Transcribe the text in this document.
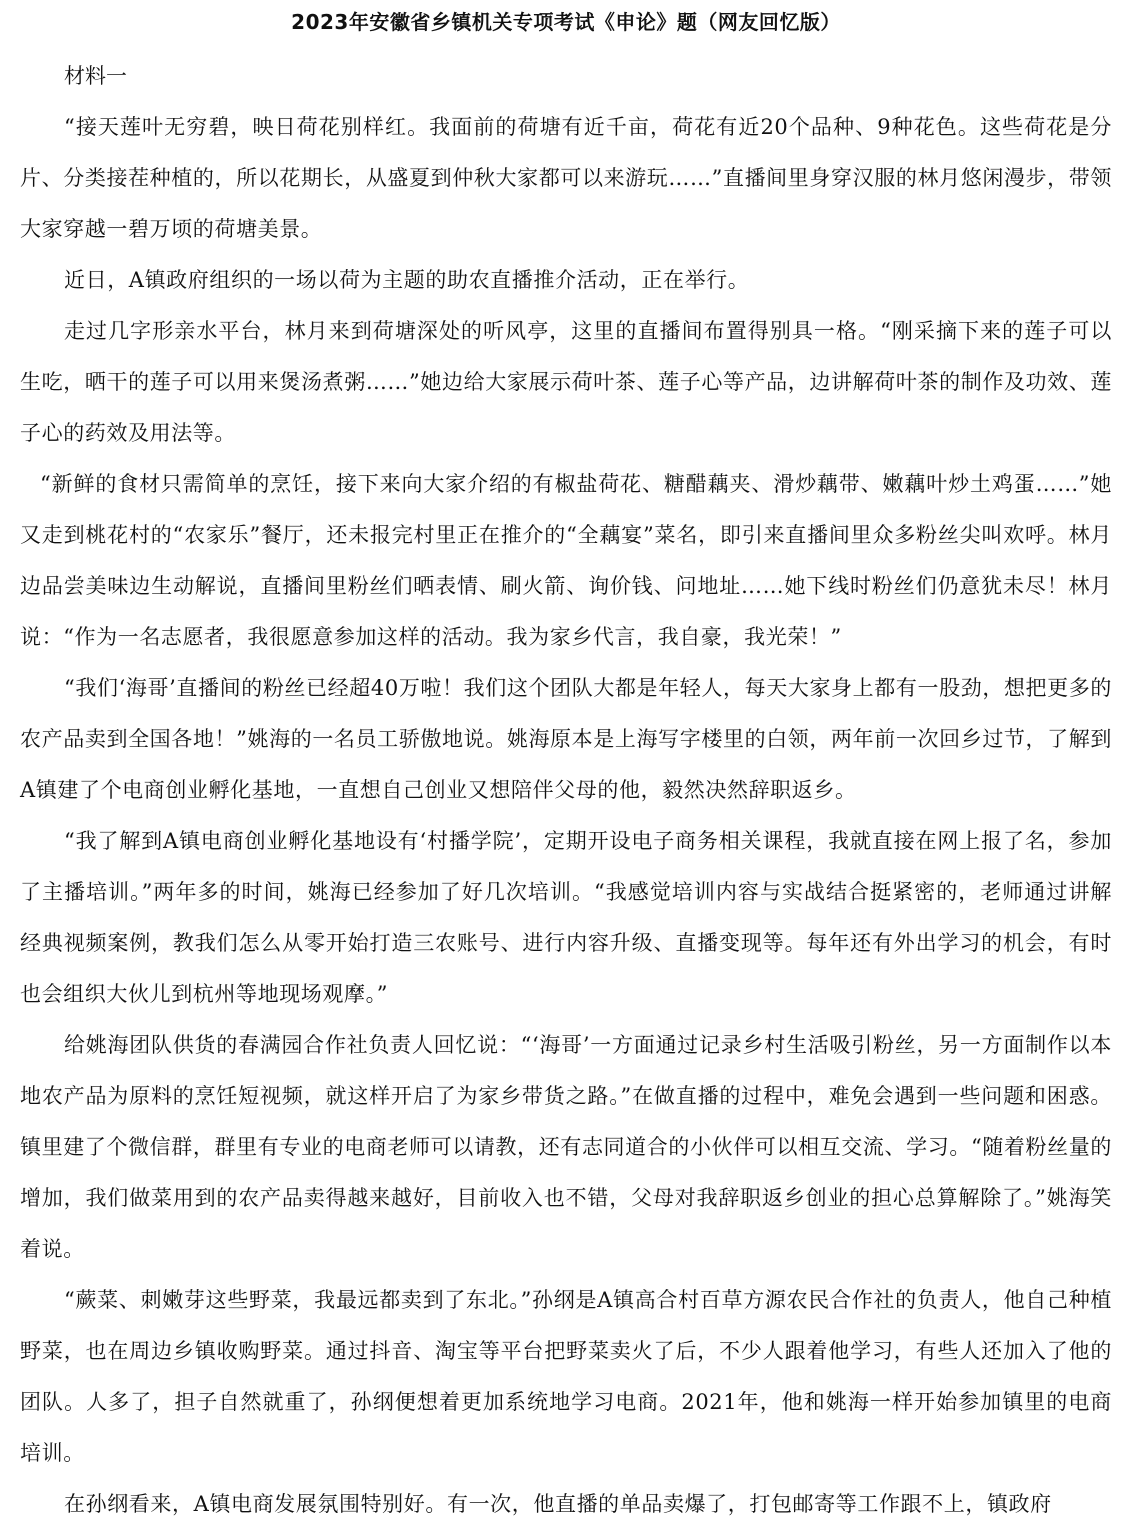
2023年安徽省乡镇机关专项考试《申论》题（网友回忆版）

材料一

“接天莲叶无穷碧，映日荷花别样红。我面前的荷塘有近千亩，荷花有近20个品种、9种花色。这些荷花是分片、分类接茬种植的，所以花期长，从盛夏到仲秋大家都可以来游玩……”直播间里身穿汉服的林月悠闲漫步，带领大家穿越一碧万顷的荷塘美景。

近日，A镇政府组织的一场以荷为主题的助农直播推介活动，正在举行。

走过几字形亲水平台，林月来到荷塘深处的听风亭，这里的直播间布置得别具一格。“刚采摘下来的莲子可以生吃，晒干的莲子可以用来煲汤煮粥……”她边给大家展示荷叶茶、莲子心等产品，边讲解荷叶茶的制作及功效、莲子心的药效及用法等。

“新鲜的食材只需简单的烹饪，接下来向大家介绍的有椒盐荷花、糖醋藕夹、滑炒藕带、嫩藕叶炒土鸡蛋……”她又走到桃花村的“农家乐”餐厅，还未报完村里正在推介的“全藕宴”菜名，即引来直播间里众多粉丝尖叫欢呼。林月边品尝美味边生动解说，直播间里粉丝们晒表情、刷火箭、询价钱、问地址……她下线时粉丝们仍意犹未尽！林月说：“作为一名志愿者，我很愿意参加这样的活动。我为家乡代言，我自豪，我光荣！”

“我们‘海哥’直播间的粉丝已经超40万啦！我们这个团队大都是年轻人，每天大家身上都有一股劲，想把更多的农产品卖到全国各地！”姚海的一名员工骄傲地说。姚海原本是上海写字楼里的白领，两年前一次回乡过节，了解到A镇建了个电商创业孵化基地，一直想自己创业又想陪伴父母的他，毅然决然辞职返乡。

“我了解到A镇电商创业孵化基地设有‘村播学院’，定期开设电子商务相关课程，我就直接在网上报了名，参加了主播培训。”两年多的时间，姚海已经参加了好几次培训。“我感觉培训内容与实战结合挺紧密的，老师通过讲解经典视频案例，教我们怎么从零开始打造三农账号、进行内容升级、直播变现等。每年还有外出学习的机会，有时也会组织大伙儿到杭州等地现场观摩。”

给姚海团队供货的春满园合作社负责人回忆说：“‘海哥’一方面通过记录乡村生活吸引粉丝，另一方面制作以本地农产品为原料的烹饪短视频，就这样开启了为家乡带货之路。”在做直播的过程中，难免会遇到一些问题和困惑。镇里建了个微信群，群里有专业的电商老师可以请教，还有志同道合的小伙伴可以相互交流、学习。“随着粉丝量的增加，我们做菜用到的农产品卖得越来越好，目前收入也不错，父母对我辞职返乡创业的担心总算解除了。”姚海笑着说。

“蕨菜、刺嫩芽这些野菜，我最远都卖到了东北。”孙纲是A镇高合村百草方源农民合作社的负责人，他自己种植野菜，也在周边乡镇收购野菜。通过抖音、淘宝等平台把野菜卖火了后，不少人跟着他学习，有些人还加入了他的团队。人多了，担子自然就重了，孙纲便想着更加系统地学习电商。2021年，他和姚海一样开始参加镇里的电商培训。

在孙纲看来，A镇电商发展氛围特别好。有一次，他直播的单品卖爆了，打包邮寄等工作跟不上，镇政府
